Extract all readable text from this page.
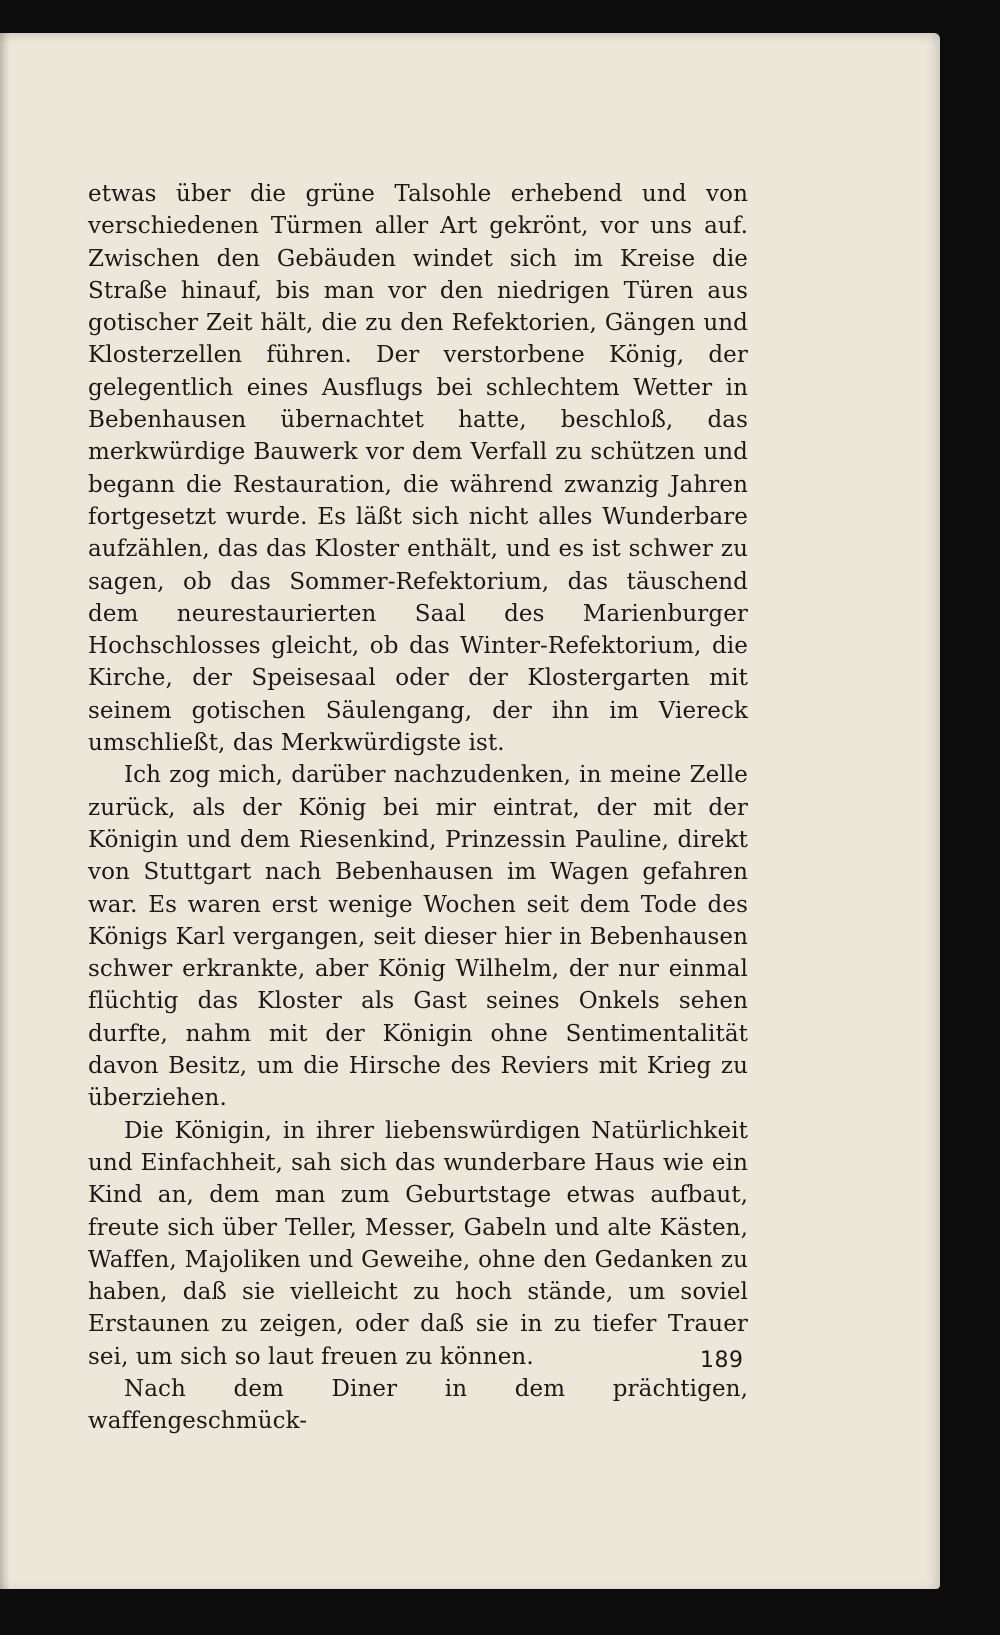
etwas über die grüne Talsohle erhebend und von verschiedenen Türmen aller Art gekrönt, vor uns auf. Zwischen den Gebäuden windet sich im Kreise die Straße hinauf, bis man vor den niedrigen Türen aus gotischer Zeit hält, die zu den Refektorien, Gängen und Klosterzellen führen. Der verstorbene König, der gelegentlich eines Ausflugs bei schlechtem Wetter in Bebenhausen übernachtet hatte, beschloß, das merkwürdige Bauwerk vor dem Verfall zu schützen und begann die Restauration, die während zwanzig Jahren fortgesetzt wurde. Es läßt sich nicht alles Wunderbare aufzählen, das das Kloster enthält, und es ist schwer zu sagen, ob das Sommer-Refektorium, das täuschend dem neurestaurierten Saal des Marienburger Hochschlosses gleicht, ob das Winter-Refektorium, die Kirche, der Speisesaal oder der Klostergarten mit seinem gotischen Säulengang, der ihn im Viereck umschließt, das Merkwürdigste ist.

Ich zog mich, darüber nachzudenken, in meine Zelle zurück, als der König bei mir eintrat, der mit der Königin und dem Riesenkind, Prinzessin Pauline, direkt von Stuttgart nach Bebenhausen im Wagen gefahren war. Es waren erst wenige Wochen seit dem Tode des Königs Karl vergangen, seit dieser hier in Bebenhausen schwer erkrankte, aber König Wilhelm, der nur einmal flüchtig das Kloster als Gast seines Onkels sehen durfte, nahm mit der Königin ohne Sentimentalität davon Besitz, um die Hirsche des Reviers mit Krieg zu überziehen.

Die Königin, in ihrer liebenswürdigen Natürlichkeit und Einfachheit, sah sich das wunderbare Haus wie ein Kind an, dem man zum Geburtstage etwas aufbaut, freute sich über Teller, Messer, Gabeln und alte Kästen, Waffen, Majoliken und Geweihe, ohne den Gedanken zu haben, daß sie vielleicht zu hoch stände, um soviel Erstaunen zu zeigen, oder daß sie in zu tiefer Trauer sei, um sich so laut freuen zu können.

Nach dem Diner in dem prächtigen, waffengeschmück-

189
